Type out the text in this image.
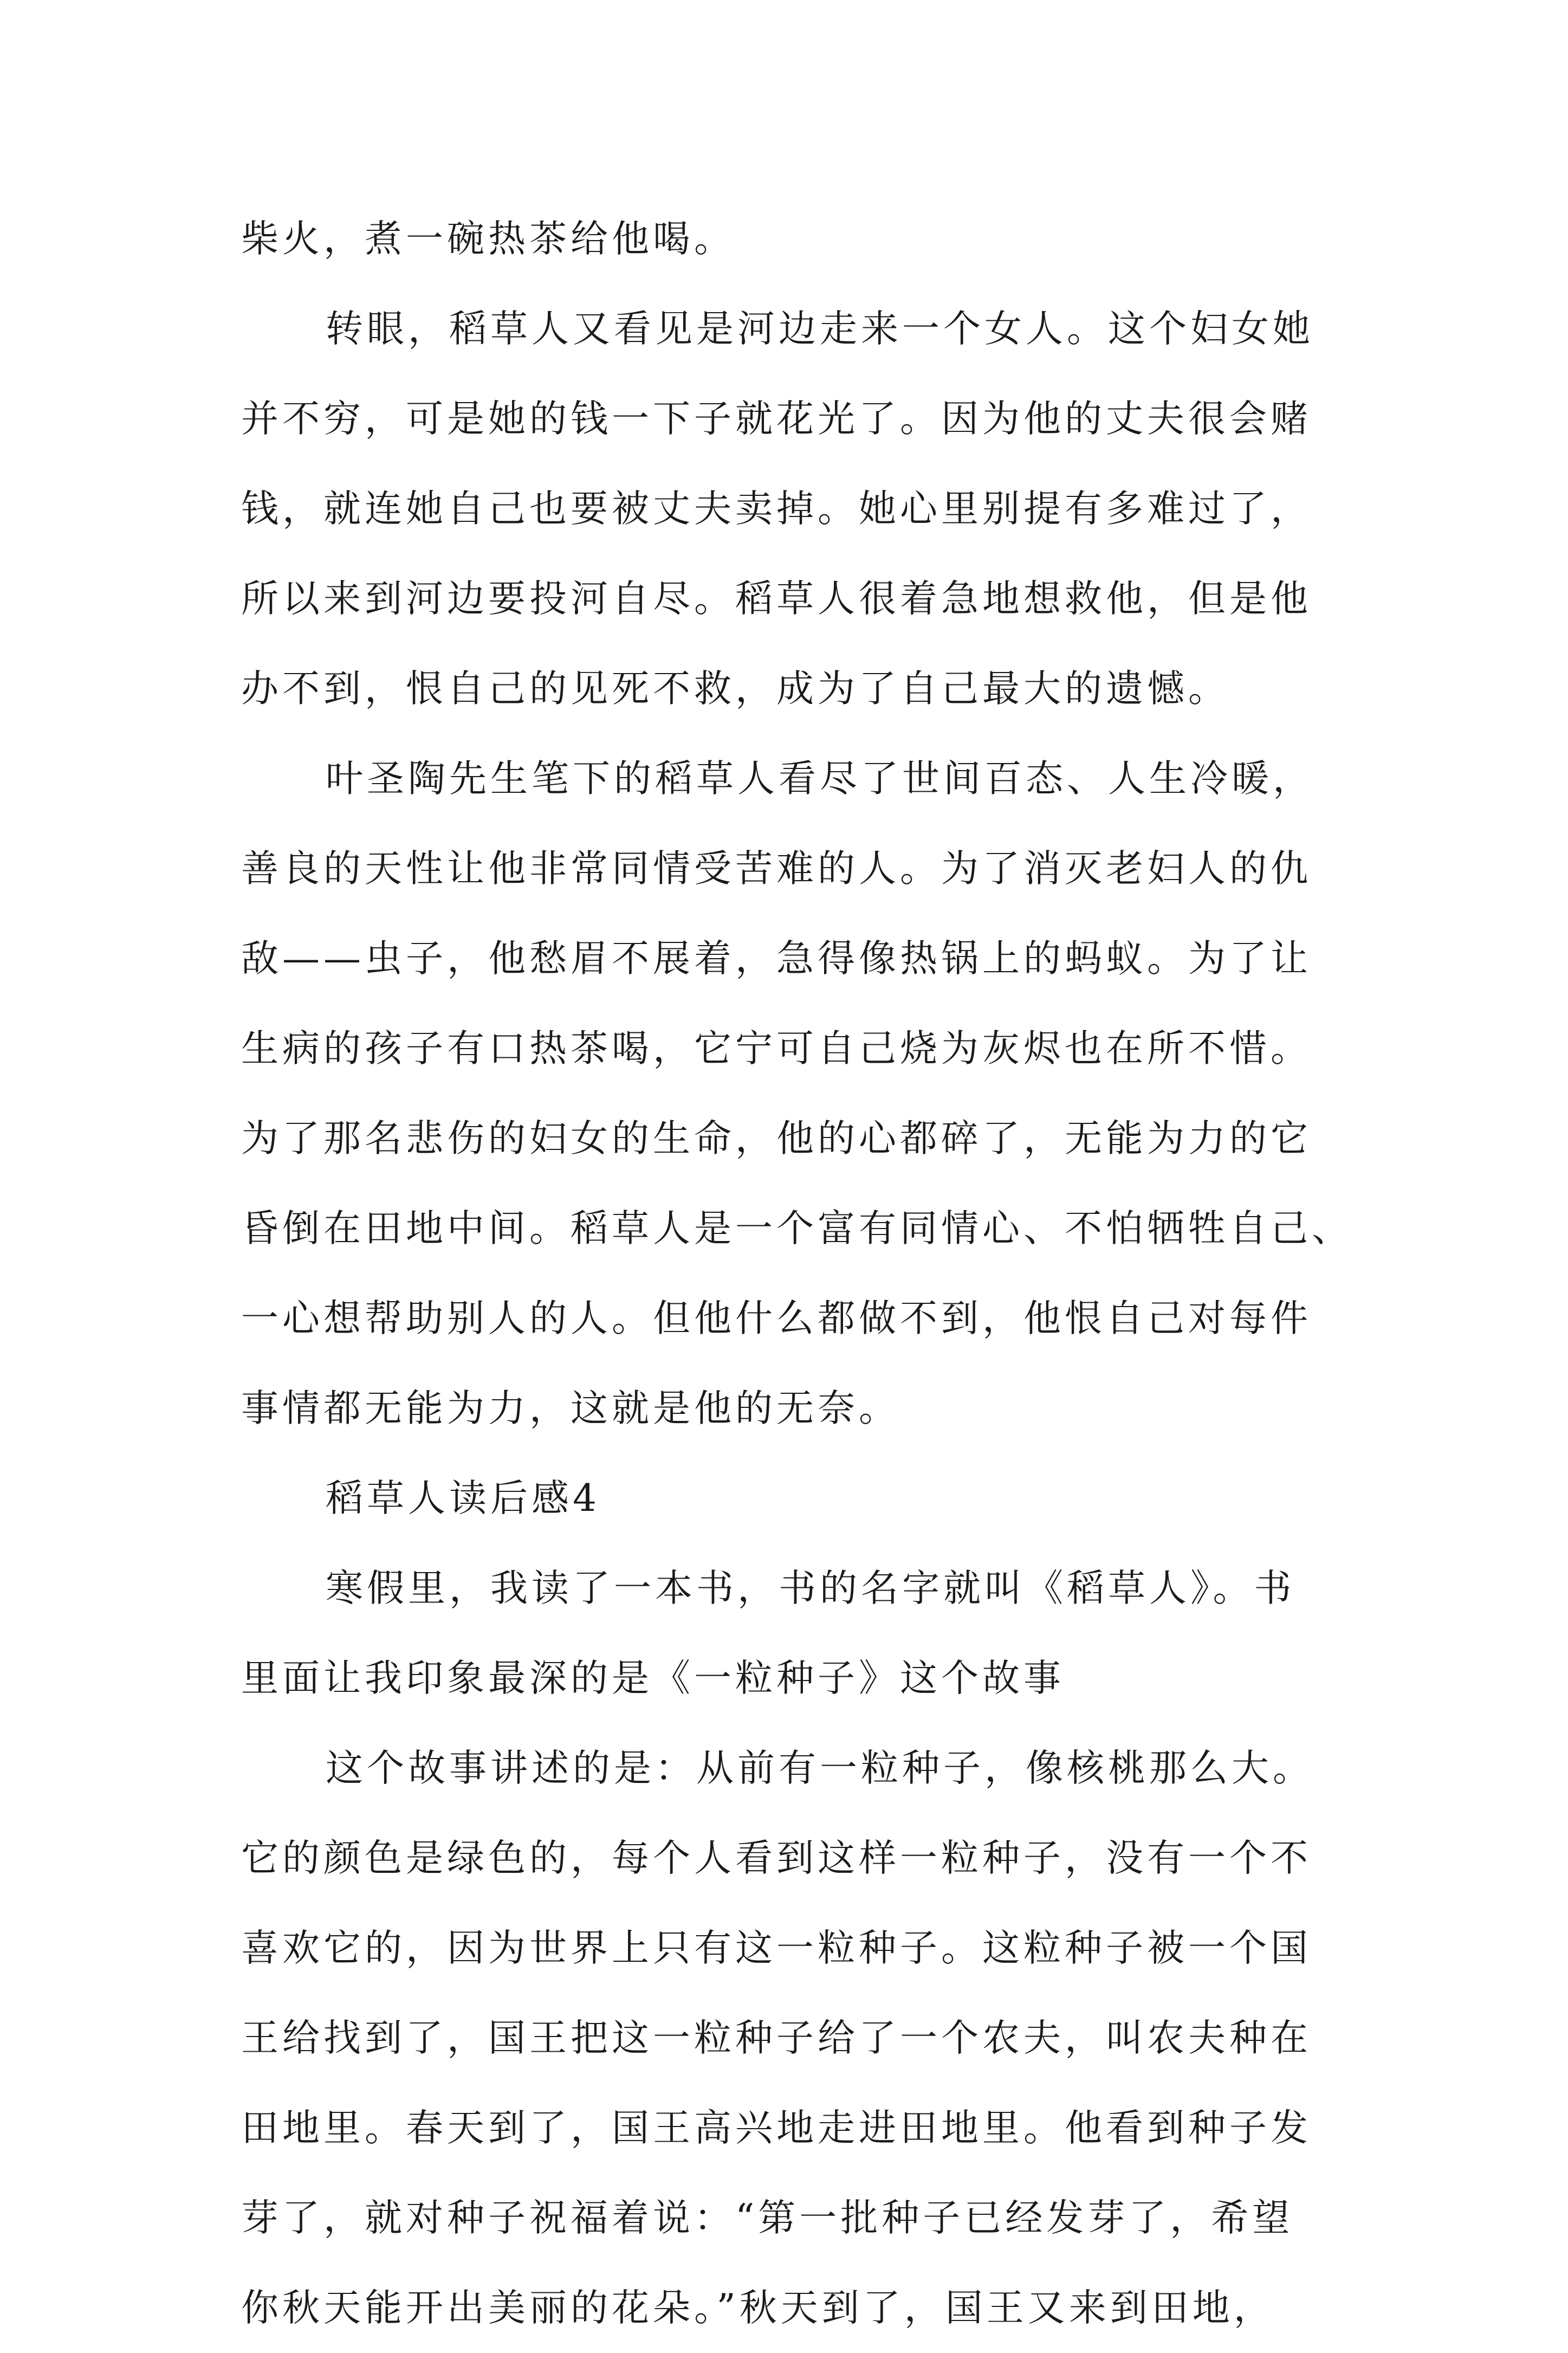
柴火，煮一碗热茶给他喝。
转眼，稻草人又看见是河边走来一个女人。这个妇女她
并不穷，可是她的钱一下子就花光了。因为他的丈夫很会赌
钱，就连她自己也要被丈夫卖掉。她心里别提有多难过了，
所以来到河边要投河自尽。稻草人很着急地想救他，但是他
办不到，恨自己的见死不救，成为了自己最大的遗憾。
叶圣陶先生笔下的稻草人看尽了世间百态、人生冷暖，
善良的天性让他非常同情受苦难的人。为了消灭老妇人的仇
敌——虫子，他愁眉不展着，急得像热锅上的蚂蚁。为了让
生病的孩子有口热茶喝，它宁可自己烧为灰烬也在所不惜。
为了那名悲伤的妇女的生命，他的心都碎了，无能为力的它
昏倒在田地中间。稻草人是一个富有同情心、不怕牺牲自己、
一心想帮助别人的人。但他什么都做不到，他恨自己对每件
事情都无能为力，这就是他的无奈。
稻草人读后感4
寒假里，我读了一本书，书的名字就叫《稻草人》。书
里面让我印象最深的是《一粒种子》这个故事
这个故事讲述的是：从前有一粒种子，像核桃那么大。
它的颜色是绿色的，每个人看到这样一粒种子，没有一个不
喜欢它的，因为世界上只有这一粒种子。这粒种子被一个国
王给找到了，国王把这一粒种子给了一个农夫，叫农夫种在
田地里。春天到了，国王高兴地走进田地里。他看到种子发
芽了，就对种子祝福着说：“第一批种子已经发芽了，希望
你秋天能开出美丽的花朵。”秋天到了，国王又来到田地，
